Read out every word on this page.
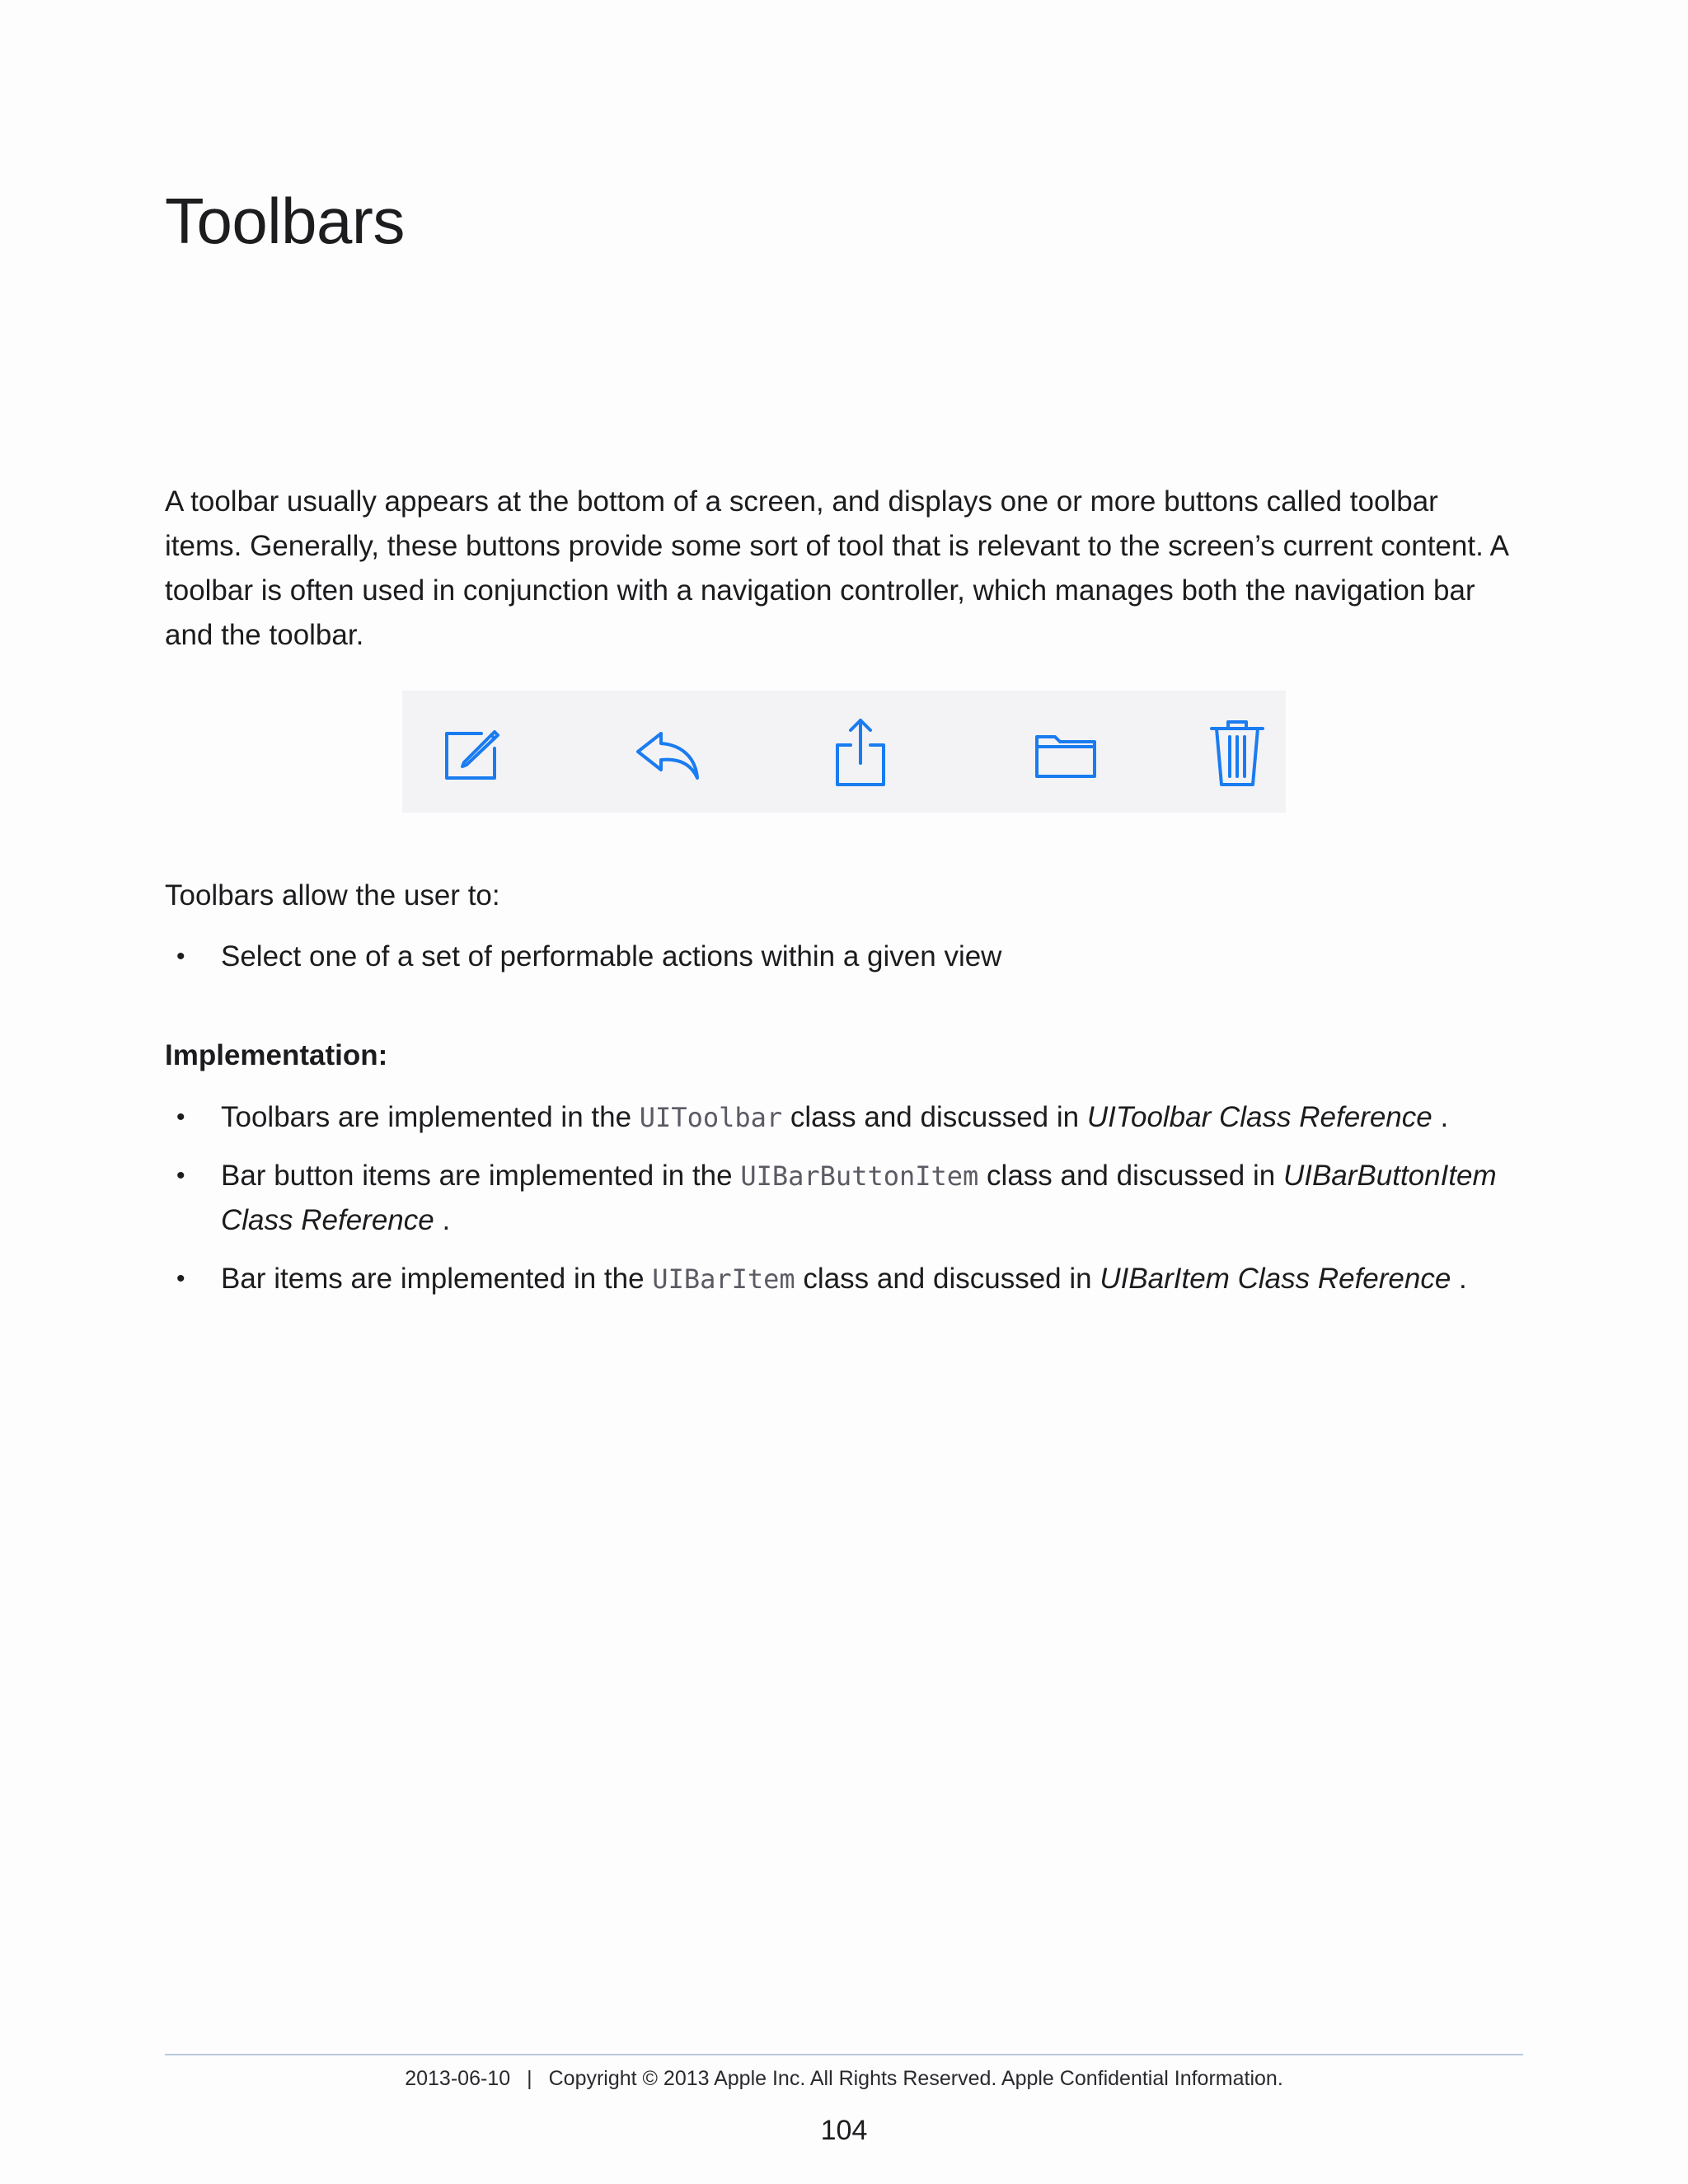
Toolbars

A toolbar usually appears at the bottom of a screen, and displays one or more buttons called toolbar items. Generally, these buttons provide some sort of tool that is relevant to the screen’s current content. A toolbar is often used in conjunction with a navigation controller, which manages both the navigation bar and the toolbar.

Toolbars allow the user to:

• Select one of a set of performable actions within a given view

Implementation:

• Toolbars are implemented in the UIToolbar class and discussed in UIToolbar Class Reference .
• Bar button items are implemented in the UIBarButtonItem class and discussed in UIBarButtonItem Class Reference .
• Bar items are implemented in the UIBarItem class and discussed in UIBarItem Class Reference .
2013-06-10 | Copyright © 2013 Apple Inc. All Rights Reserved. Apple Confidential Information.
104
